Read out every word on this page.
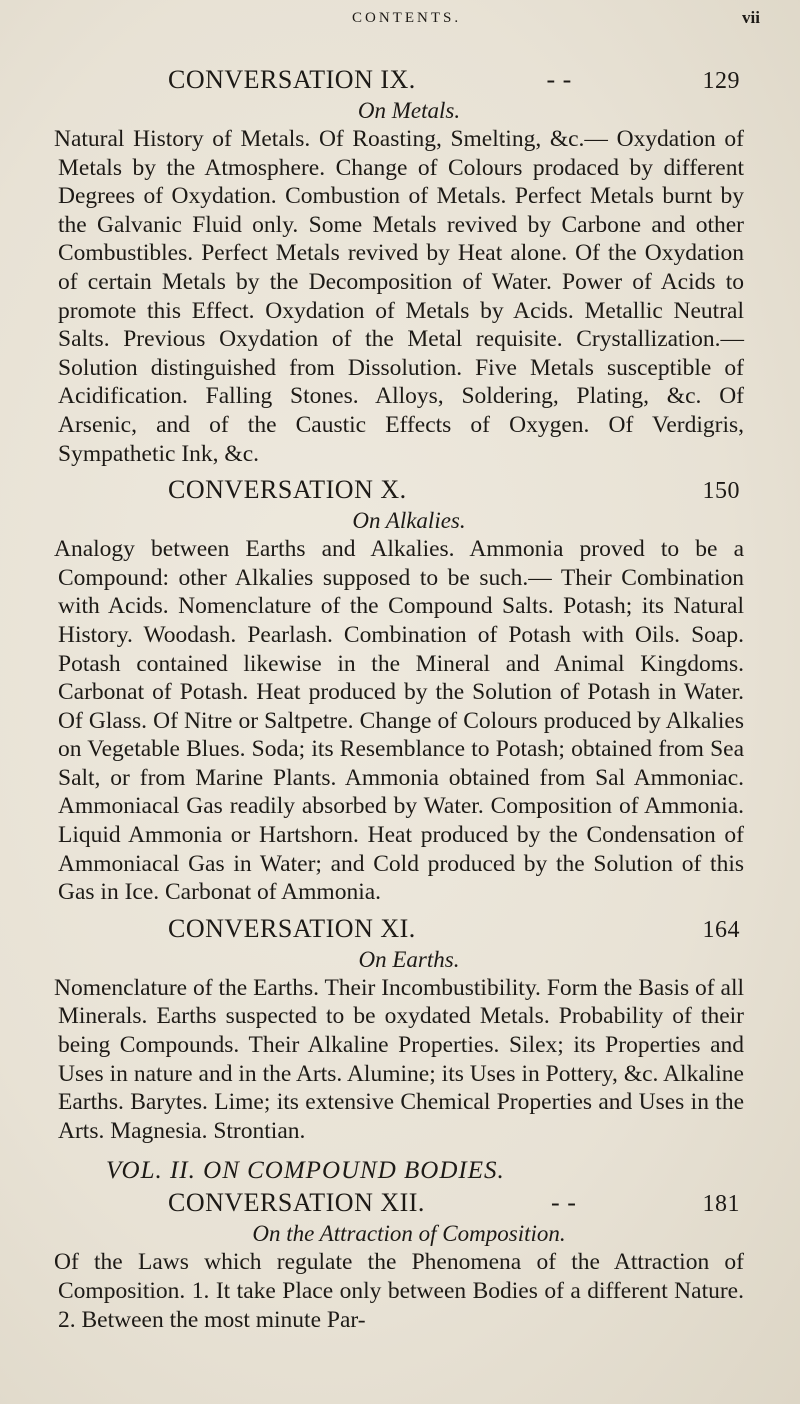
CONTENTS.	vii
CONVERSATION IX.	- -	129
On Metals.

Natural History of Metals. Of Roasting, Smelting, &c.— Oxydation of Metals by the Atmosphere. Change of Colours prodaced by different Degrees of Oxydation. Combustion of Metals. Perfect Metals burnt by the Galvanic Fluid only. Some Metals revived by Carbone and other Combustibles. Perfect Metals revived by Heat alone. Of the Oxydation of certain Metals by the Decomposition of Water. Power of Acids to promote this Effect. Oxydation of Metals by Acids. Metallic Neutral Salts. Previous Oxydation of the Metal requisite. Crystallization.— Solution distinguished from Dissolution. Five Metals susceptible of Acidification. Falling Stones. Alloys, Soldering, Plating, &c. Of Arsenic, and of the Caustic Effects of Oxygen. Of Verdigris, Sympathetic Ink, &c.

CONVERSATION X.	150
On Alkalies.

Analogy between Earths and Alkalies. Ammonia proved to be a Compound: other Alkalies supposed to be such.— Their Combination with Acids. Nomenclature of the Compound Salts. Potash; its Natural History. Woodash. Pearlash. Combination of Potash with Oils. Soap. Potash contained likewise in the Mineral and Animal Kingdoms. Carbonat of Potash. Heat produced by the Solution of Potash in Water. Of Glass. Of Nitre or Saltpetre. Change of Colours produced by Alkalies on Vegetable Blues. Soda; its Resemblance to Potash; obtained from Sea Salt, or from Marine Plants. Ammonia obtained from Sal Ammoniac. Ammoniacal Gas readily absorbed by Water. Composition of Ammonia. Liquid Ammonia or Hartshorn. Heat produced by the Condensation of Ammoniacal Gas in Water; and Cold produced by the Solution of this Gas in Ice. Carbonat of Ammonia.

CONVERSATION XI.	164
On Earths.

Nomenclature of the Earths. Their Incombustibility. Form the Basis of all Minerals. Earths suspected to be oxydated Metals. Probability of their being Compounds. Their Alkaline Properties. Silex; its Properties and Uses in nature and in the Arts. Alumine; its Uses in Pottery, &c. Alkaline Earths. Barytes. Lime; its extensive Chemical Properties and Uses in the Arts. Magnesia. Strontian.

VOL. II. ON COMPOUND BODIES.
CONVERSATION XII.	- -	181
On the Attraction of Composition.

Of the Laws which regulate the Phenomena of the Attraction of Composition. 1. It take Place only between Bodies of a different Nature. 2. Between the most minute Par-
